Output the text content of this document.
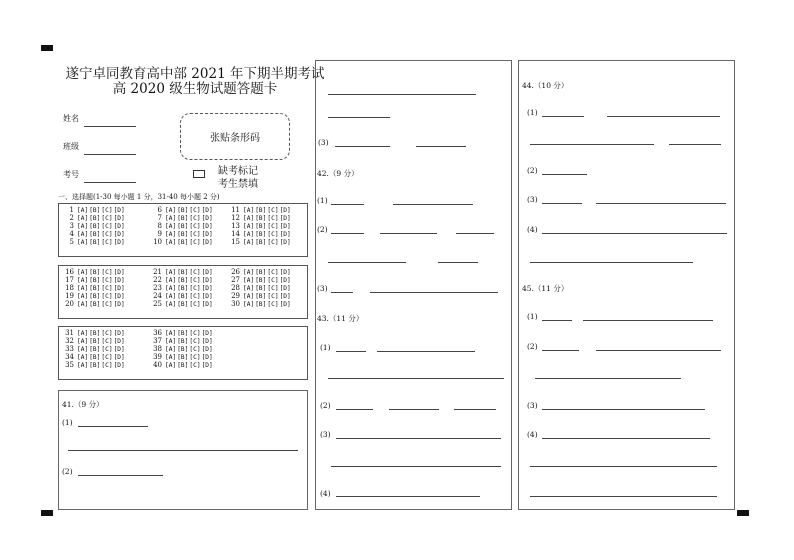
遂宁卓同教育高中部 2021 年下期半期考试
高 2020 级生物试题答题卡
姓名
班级
考号
张贴条形码
缺考标记
考生禁填
一、选择题(1-30 每小题 1 分，31-40 每小题 2 分)
1 [A][B][C][D]	6 [A][B][C][D]	11 [A][B][C][D]
2 [A][B][C][D]	7 [A][B][C][D]	12 [A][B][C][D]
3 [A][B][C][D]	8 [A][B][C][D]	13 [A][B][C][D]
4 [A][B][C][D]	9 [A][B][C][D]	14 [A][B][C][D]
5 [A][B][C][D]	10 [A][B][C][D]	15 [A][B][C][D]
16 [A][B][C][D]	21 [A][B][C][D]	26 [A][B][C][D]
17 [A][B][C][D]	22 [A][B][C][D]	27 [A][B][C][D]
18 [A][B][C][D]	23 [A][B][C][D]	28 [A][B][C][D]
19 [A][B][C][D]	24 [A][B][C][D]	29 [A][B][C][D]
20 [A][B][C][D]	25 [A][B][C][D]	30 [A][B][C][D]
31 [A][B][C][D]	36 [A][B][C][D]
32 [A][B][C][D]	37 [A][B][C][D]
33 [A][B][C][D]	38 [A][B][C][D]
34 [A][B][C][D]	39 [A][B][C][D]
35 [A][B][C][D]	40 [A][B][C][D]
41.（9 分）
(1)
(2)
(3)
42.（9 分）
(1)
(2)
(3)
43.（11 分）
(1)
(2)
(3)
(4)
44.（10 分）
(1)
(2)
(3)
(4)
45.（11 分）
(1)
(2)
(3)
(4)
